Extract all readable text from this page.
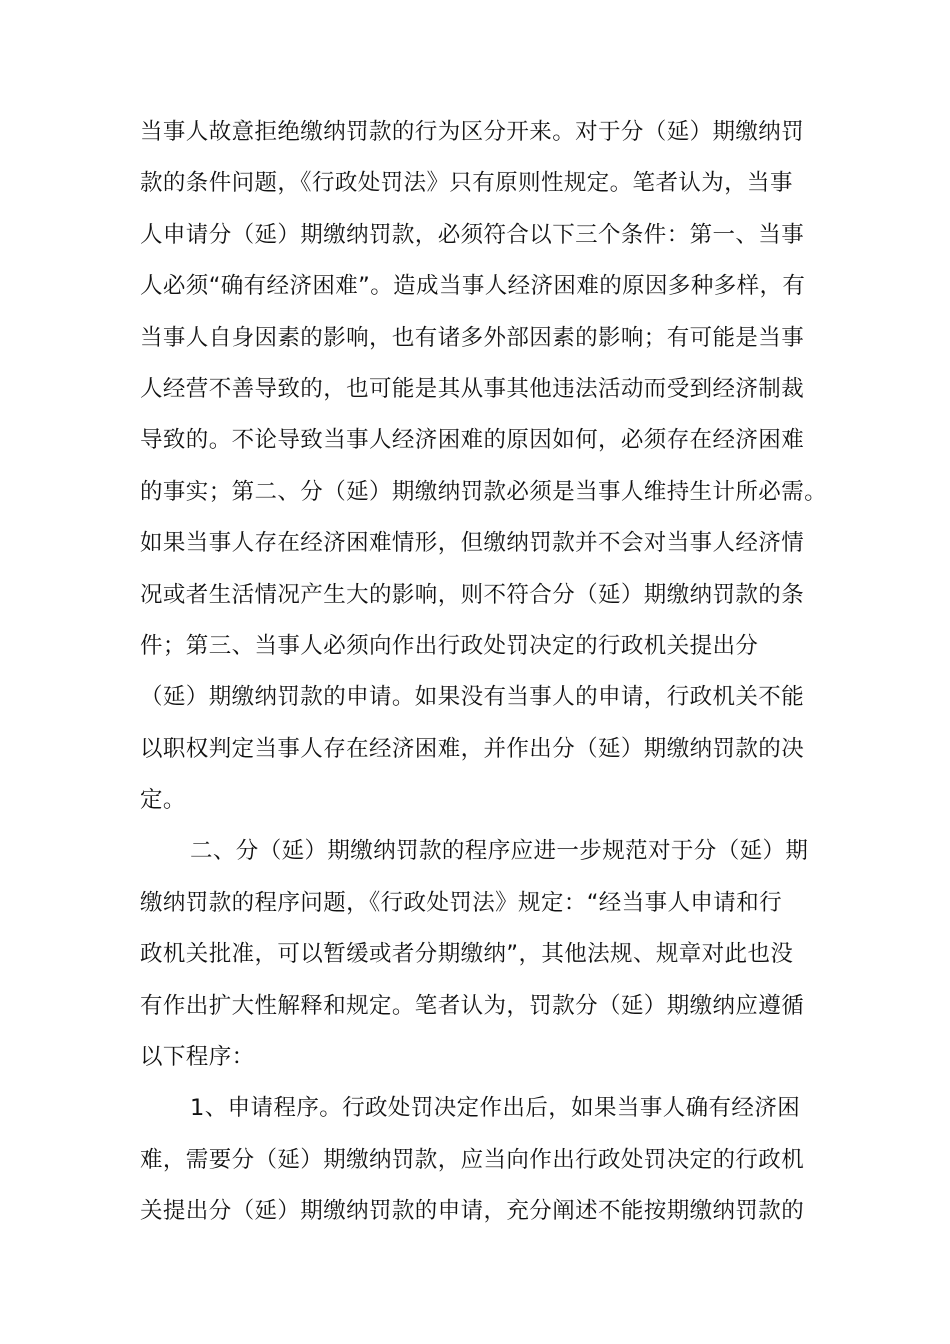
当事人故意拒绝缴纳罚款的行为区分开来。对于分（延）期缴纳罚
款的条件问题，《行政处罚法》只有原则性规定。笔者认为，当事
人申请分（延）期缴纳罚款，必须符合以下三个条件：第一、当事
人必须“确有经济困难”。造成当事人经济困难的原因多种多样，有
当事人自身因素的影响，也有诸多外部因素的影响；有可能是当事
人经营不善导致的，也可能是其从事其他违法活动而受到经济制裁
导致的。不论导致当事人经济困难的原因如何，必须存在经济困难
的事实；第二、分（延）期缴纳罚款必须是当事人维持生计所必需。
如果当事人存在经济困难情形，但缴纳罚款并不会对当事人经济情
况或者生活情况产生大的影响，则不符合分（延）期缴纳罚款的条
件；第三、当事人必须向作出行政处罚决定的行政机关提出分
（延）期缴纳罚款的申请。如果没有当事人的申请，行政机关不能
以职权判定当事人存在经济困难，并作出分（延）期缴纳罚款的决
定。
二、分（延）期缴纳罚款的程序应进一步规范对于分（延）期
缴纳罚款的程序问题，《行政处罚法》规定：“经当事人申请和行
政机关批准，可以暂缓或者分期缴纳”，其他法规、规章对此也没
有作出扩大性解释和规定。笔者认为，罚款分（延）期缴纳应遵循
以下程序：
1、申请程序。行政处罚决定作出后，如果当事人确有经济困
难，需要分（延）期缴纳罚款，应当向作出行政处罚决定的行政机
关提出分（延）期缴纳罚款的申请，充分阐述不能按期缴纳罚款的
